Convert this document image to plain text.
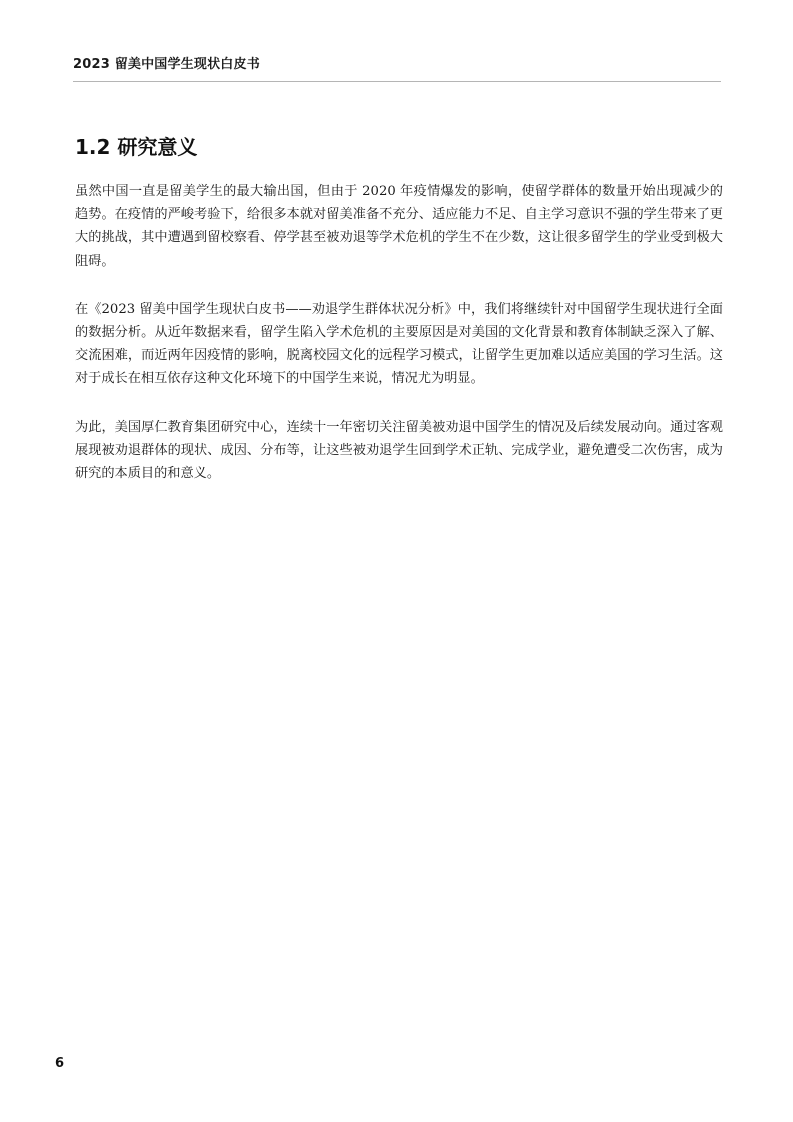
2023 留美中国学生现状白皮书
1.2 研究意义

虽然中国一直是留美学生的最大输出国，但由于 2020 年疫情爆发的影响，使留学群体的数量开始出现减少的趋势。在疫情的严峻考验下，给很多本就对留美准备不充分、适应能力不足、自主学习意识不强的学生带来了更大的挑战，其中遭遇到留校察看、停学甚至被劝退等学术危机的学生不在少数，这让很多留学生的学业受到极大阻碍。

在《2023 留美中国学生现状白皮书——劝退学生群体状况分析》中，我们将继续针对中国留学生现状进行全面的数据分析。从近年数据来看，留学生陷入学术危机的主要原因是对美国的文化背景和教育体制缺乏深入了解、交流困难，而近两年因疫情的影响，脱离校园文化的远程学习模式，让留学生更加难以适应美国的学习生活。这对于成长在相互依存这种文化环境下的中国学生来说，情况尤为明显。

为此，美国厚仁教育集团研究中心，连续十一年密切关注留美被劝退中国学生的情况及后续发展动向。通过客观展现被劝退群体的现状、成因、分布等，让这些被劝退学生回到学术正轨、完成学业，避免遭受二次伤害，成为研究的本质目的和意义。

6
